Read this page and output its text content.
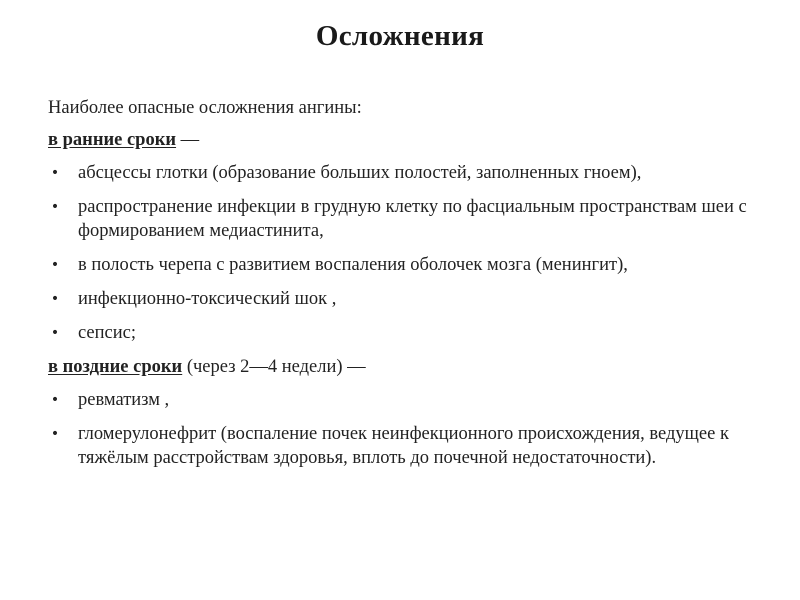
Осложнения
Наиболее опасные осложнения ангины:
в ранние сроки —
• абсцессы глотки (образование больших полостей, заполненных гноем),
• распространение инфекции в грудную клетку по фасциальным пространствам шеи с формированием медиастинита,
• в полость черепа с развитием воспаления оболочек мозга (менингит),
• инфекционно-токсический шок ,
• сепсис;
в поздние сроки (через 2—4 недели) —
• ревматизм ,
• гломерулонефрит (воспаление почек неинфекционного происхождения, ведущее к тяжёлым расстройствам здоровья, вплоть до почечной недостаточности).
